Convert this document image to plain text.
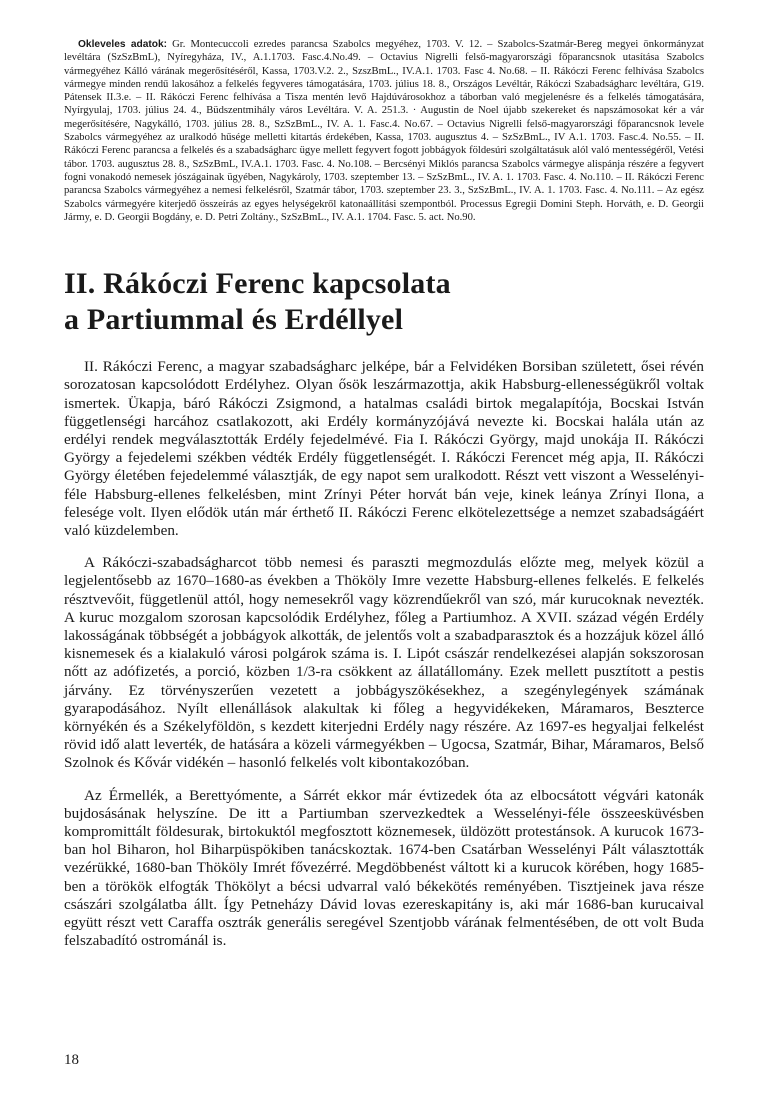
Okleveles adatok: Gr. Montecuccoli ezredes parancsa Szabolcs megyéhez, 1703. V. 12. – Szabolcs-Szatmár-Bereg megyei önkormányzat levéltára (SzSzBmL), Nyíregyháza, IV., A.1.1703. Fasc.4.No.49. – Octavius Nigrelli felső-magyarországi főparancsnok utasítása Szabolcs vármegyéhez Kálló várának megerősítéséről, Kassa, 1703.V.2. 2., SzszBmL., IV.A.1. 1703. Fasc 4. No.68. – II. Rákóczi Ferenc felhívása Szabolcs vármegye minden rendű lakosához a felkelés fegyveres támogatására, 1703. július 18. 8., Országos Levéltár, Rákóczi Szabadságharc levéltára, G19. Pátensek II.3.e. – II. Rákóczi Ferenc felhívása a Tisza mentén levő Hajdúvárosokhoz a táborban való megjelenésre és a felkelés támogatására, Nyírgyulaj, 1703. július 24. 4., Büdszentmihály város Levéltára. V. A. 251.3. · Augustin de Noel újabb szekereket és napszámosokat kér a vár megerősítésére, Nagykálló, 1703. július 28. 8., SzSzBmL., IV. A. 1. Fasc.4. No.67. – Octavius Nigrelli felső-magyarországi főparancsnok levele Szabolcs vármegyéhez az uralkodó hűsége melletti kitartás érdekében, Kassa, 1703. augusztus 4. – SzSzBmL., IV A.1. 1703. Fasc.4. No.55. – II. Rákóczi Ferenc parancsa a felkelés és a szabadságharc ügye mellett fegyvert fogott jobbágyok földesúri szolgáltatásuk alól való mentességéről, Vetési tábor. 1703. augusztus 28. 8., SzSzBmL, IV.A.1. 1703. Fasc. 4. No.108. – Bercsényi Miklós parancsa Szabolcs vármegye alispánja részére a fegyvert fogni vonakodó nemesek jószágainak ügyében, Nagykároly, 1703. szeptember 13. – SzSzBmL., IV. A. 1. 1703. Fasc. 4. No.110. – II. Rákóczi Ferenc parancsa Szabolcs vármegyéhez a nemesi felkelésről, Szatmár tábor, 1703. szeptember 23. 3., SzSzBmL., IV. A. 1. 1703. Fasc. 4. No.111. – Az egész Szabolcs vármegyére kiterjedő összeírás az egyes helységekről katonaállítási szempontból. Processus Egregii Domini Steph. Horváth, e. D. Georgii Jármy, e. D. Georgii Bogdány, e. D. Petri Zoltány., SzSzBmL., IV. A.1. 1704. Fasc. 5. act. No.90.

II. Rákóczi Ferenc kapcsolata
a Partiummal és Erdéllyel

II. Rákóczi Ferenc, a magyar szabadságharc jelképe, bár a Felvidéken Borsiban született, ősei révén sorozatosan kapcsolódott Erdélyhez. Olyan ősök leszármazottja, akik Habsburg-ellenességükről voltak ismertek. Ükapja, báró Rákóczi Zsigmond, a hatalmas családi birtok megalapítója, Bocskai István függetlenségi harcához csatlakozott, aki Erdély kormányzójává nevezte ki. Bocskai halála után az erdélyi rendek megválasztották Erdély fejedelmévé. Fia I. Rákóczi György, majd unokája II. Rákóczi György a fejedelemi székben védték Erdély függetlenségét. I. Rákóczi Ferencet még apja, II. Rákóczi György életében fejedelemmé választják, de egy napot sem uralkodott. Részt vett viszont a Wesselényi-féle Habsburg-ellenes felkelésben, mint Zrínyi Péter horvát bán veje, kinek leánya Zrínyi Ilona, a felesége volt. Ilyen elődök után már érthető II. Rákóczi Ferenc elkötelezettsége a nemzet szabadságáért való küzdelemben.

A Rákóczi-szabadságharcot több nemesi és paraszti megmozdulás előzte meg, melyek közül a legjelentősebb az 1670–1680-as években a Thököly Imre vezette Habsburg-ellenes felkelés. E felkelés résztvevőit, függetlenül attól, hogy nemesekről vagy közrendűekről van szó, már kurucoknak nevezték. A kuruc mozgalom szorosan kapcsolódik Erdélyhez, főleg a Partiumhoz. A XVII. század végén Erdély lakosságának többségét a jobbágyok alkották, de jelentős volt a szabadparasztok és a hozzájuk közel álló kisnemesek és a kialakuló városi polgárok száma is. I. Lipót császár rendelkezései alapján sokszorosan nőtt az adófizetés, a porció, közben 1/3-ra csökkent az állatállomány. Ezek mellett pusztított a pestis járvány. Ez törvényszerűen vezetett a jobbágyszökésekhez, a szegénylegények számának gyarapodásához. Nyílt ellenállások alakultak ki főleg a hegyvidékeken, Máramaros, Beszterce környékén és a Székelyföldön, s kezdett kiterjedni Erdély nagy részére. Az 1697-es hegyaljai felkelést rövid idő alatt leverték, de hatására a közeli vármegyékben – Ugocsa, Szatmár, Bihar, Máramaros, Belső Szolnok és Kővár vidékén – hasonló felkelés volt kibontakozóban.

Az Érmellék, a Berettyómente, a Sárrét ekkor már évtizedek óta az elbocsátott végvári katonák bujdosásának helyszíne. De itt a Partiumban szervezkedtek a Wesselényi-féle összeesküvésben kompromittált földesurak, birtokuktól megfosztott köznemesek, üldözött protestánsok. A kurucok 1673-ban hol Biharon, hol Biharpüspökiben tanácskoztak. 1674-ben Csatárban Wesselényi Pált választották vezérükké, 1680-ban Thököly Imrét fővezérré. Megdöbbenést váltott ki a kurucok körében, hogy 1685-ben a törökök elfogták Thökölyt a bécsi udvarral való békekötés reményében. Tisztjeinek java része császári szolgálatba állt. Így Petneházy Dávid lovas ezereskapitány is, aki már 1686-ban kurucaival együtt részt vett Caraffa osztrák generális seregével Szentjobb várának felmentésében, de ott volt Buda felszabadító ostrománál is.

18
